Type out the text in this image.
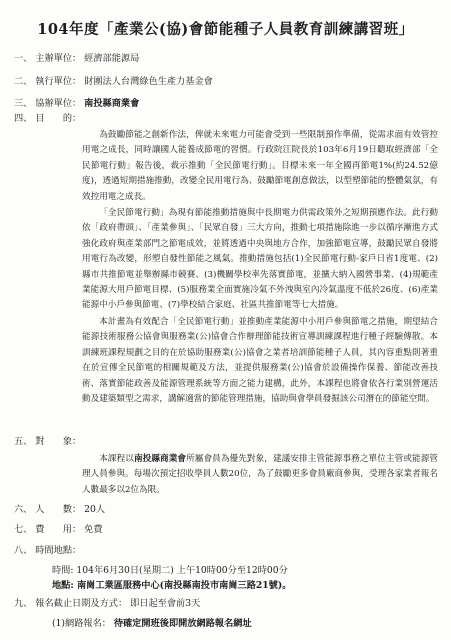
104年度「產業公(協)會節能種子人員教育訓練講習班」
一、 主辦單位： 經濟部能源局
二、 執行單位： 財團法人台灣綠色生產力基金會
三、 協辦單位： 南投縣商業會
四、 目　　的：

為鼓勵節能之創新作法，俾就未來電力可能會受到一些限制預作準備，從需求面有效管控用電之成長，同時讓國人能養成節電的習慣。行政院江院長於103年6月19日聽取經濟部「全民節電行動」報告後，裁示推動「全民節電行動」。目標未來一年全國再節電1%(約24.52億度)，透過短期措施推動，改變全民用電行為、鼓勵節電創意做法，以型塑節能的整體氣氛，有效控用電之成長。

「全民節電行動」為現有節能推動措施與中長期電力供需政策外之短期預應作法。此行動依「政府帶頭」、「產業參與」、「民眾自發」三大方向，推動七項措施除進一步以循序漸進方式強化政府與產業部門之節電成效，並將透過中央與地方合作，加強節電宣導，鼓勵民眾自發將用電行為改變，形塑自發性節能之風氣。推動措施包括(1)全民節電行動-家戶日省1度電、(2)縣市共推節電並舉辦縣市競賽、(3)機關學校率先落實節電，並擴大納入國營事業、(4)規範產業能源大用戶節電目標、(5)服務業全面實施冷氣不外洩與室內冷氣溫度不低於26度、(6)產業能源中小戶參與節電、(7)學校結合家庭、社區共推節電等七大措施。

本計畫為有效配合「全民節電行動」並推動產業能源中小用戶參與節電之措施，期望結合能源技術服務公協會與服務業(公)協會合作辦理節能技術宣導訓練課程進行種子經驗傳散。本訓練班課程規劃之目的在於協助服務業(公)協會之業者培訓節能種子人員，其內容重點則著重在於宣傳全民節電的相關規範及方法，並提供服務業(公)協會於設備操作保養、節能改善技術、落實節能政善及能源管理系統等方面之能力建構，此外，本課程也將會依各行業別營運活動及建築類型之需求，講解適當的節能管理措施，協助與會學員發掘該公司潛在的節能空間。

五、 對　　象：

本課程以南投縣商業會所屬會員為優先對象，建議安排主管能源事務之單位主管或能源管理人員參與。每場次預定招收學員人數20位，為了鼓勵更多會員廠商參與，受理各家業者報名人數最多以2位為限。

六、 人　　數： 20人
七、 費　　用： 免費
八、 時間地點：
時間: 104年6月30日(星期二) 上午10時00分至12時00分
地點: 南崗工業區服務中心(南投縣南投市南崗三路21號)。
九、 報名截止日期及方式： 即日起至會前3天
(1)網路報名： 待確定開班後即開放網路報名網址
